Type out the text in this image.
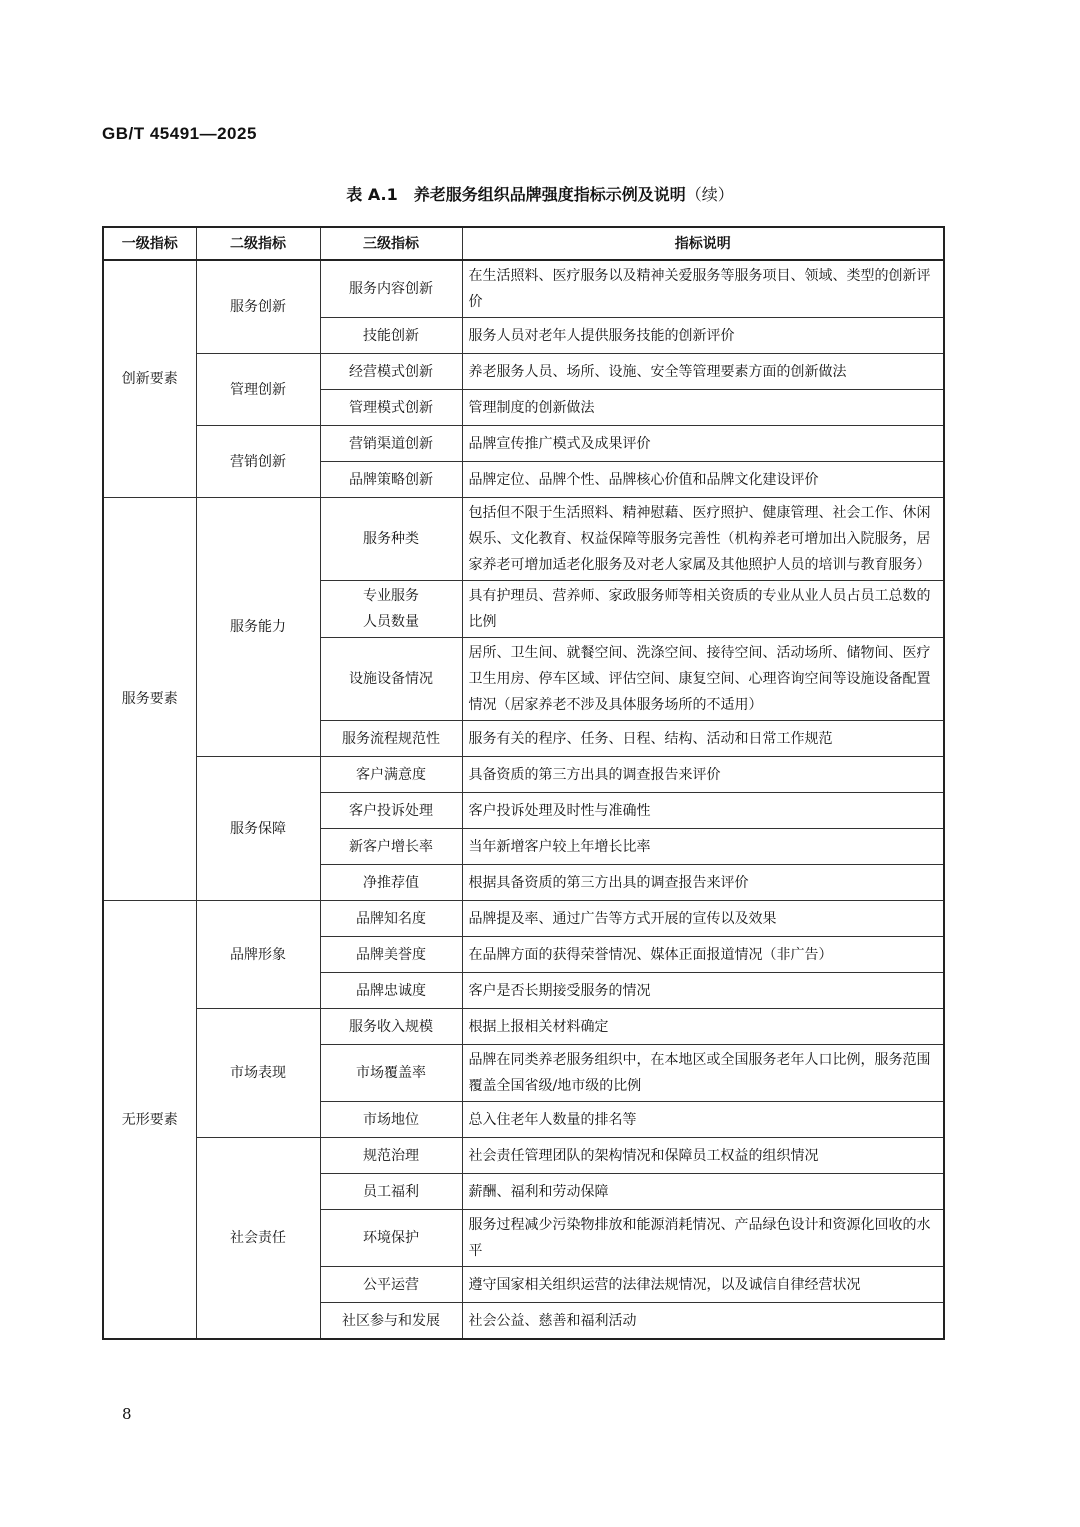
GB/T 45491—2025
表 A.1　养老服务组织品牌强度指标示例及说明（续）
一级指标	二级指标	三级指标	指标说明
创新要素	服务创新	服务内容创新	在生活照料、医疗服务以及精神关爱服务等服务项目、领域、类型的创新评价
		技能创新	服务人员对老年人提供服务技能的创新评价
	管理创新	经营模式创新	养老服务人员、场所、设施、安全等管理要素方面的创新做法
		管理模式创新	管理制度的创新做法
	营销创新	营销渠道创新	品牌宣传推广模式及成果评价
		品牌策略创新	品牌定位、品牌个性、品牌核心价值和品牌文化建设评价
服务要素	服务能力	服务种类	包括但不限于生活照料、精神慰藉、医疗照护、健康管理、社会工作、休闲娱乐、文化教育、权益保障等服务完善性（机构养老可增加出入院服务，居家养老可增加适老化服务及对老人家属及其他照护人员的培训与教育服务）
		专业服务人员数量	具有护理员、营养师、家政服务师等相关资质的专业从业人员占员工总数的比例
		设施设备情况	居所、卫生间、就餐空间、洗涤空间、接待空间、活动场所、储物间、医疗卫生用房、停车区域、评估空间、康复空间、心理咨询空间等设施设备配置情况（居家养老不涉及具体服务场所的不适用）
		服务流程规范性	服务有关的程序、任务、日程、结构、活动和日常工作规范
	服务保障	客户满意度	具备资质的第三方出具的调查报告来评价
		客户投诉处理	客户投诉处理及时性与准确性
		新客户增长率	当年新增客户较上年增长比率
		净推荐值	根据具备资质的第三方出具的调查报告来评价
无形要素	品牌形象	品牌知名度	品牌提及率、通过广告等方式开展的宣传以及效果
		品牌美誉度	在品牌方面的获得荣誉情况、媒体正面报道情况（非广告）
		品牌忠诚度	客户是否长期接受服务的情况
	市场表现	服务收入规模	根据上报相关材料确定
		市场覆盖率	品牌在同类养老服务组织中，在本地区或全国服务老年人口比例，服务范围覆盖全国省级/地市级的比例
		市场地位	总入住老年人数量的排名等
	社会责任	规范治理	社会责任管理团队的架构情况和保障员工权益的组织情况
		员工福利	薪酬、福利和劳动保障
		环境保护	服务过程减少污染物排放和能源消耗情况、产品绿色设计和资源化回收的水平
		公平运营	遵守国家相关组织运营的法律法规情况，以及诚信自律经营状况
		社区参与和发展	社会公益、慈善和福利活动
8
